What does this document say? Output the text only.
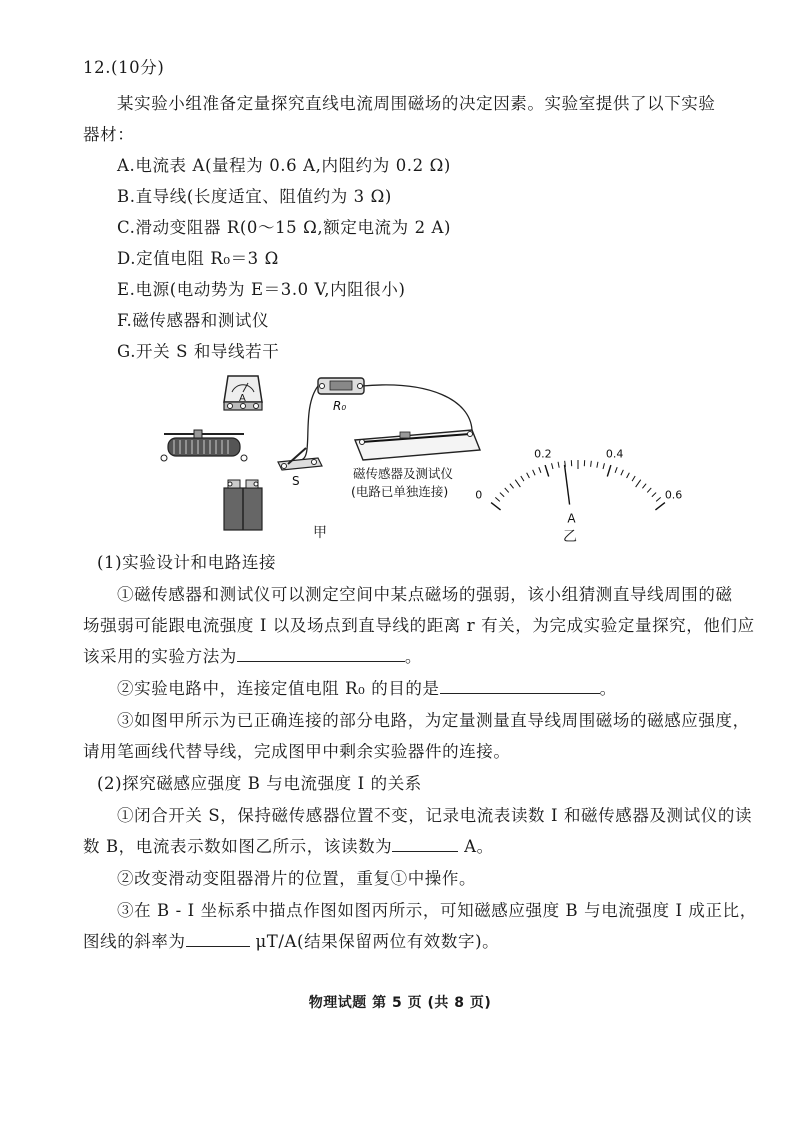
12.(10分)
某实验小组准备定量探究直线电流周围磁场的决定因素。实验室提供了以下实验
器材：
A.电流表 A(量程为 0.6 A,内阻约为 0.2 Ω)
B.直导线(长度适宜、阻值约为 3 Ω)
C.滑动变阻器 R(0～15 Ω,额定电流为 2 A)
D.定值电阻 R₀＝3 Ω
E.电源(电动势为 E＝3.0 V,内阻很小)
F.磁传感器和测试仪
G.开关 S 和导线若干
A
R₀
磁传感器及测试仪
(电路已单独连接)
S
甲
0
0.2	0.4
0.6
A
乙
(1)实验设计和电路连接
①磁传感器和测试仪可以测定空间中某点磁场的强弱，该小组猜测直导线周围的磁
场强弱可能跟电流强度 I 以及场点到直导线的距离 r 有关，为完成实验定量探究，他们应
该采用的实验方法为	。
②实验电路中，连接定值电阻 R₀ 的目的是	。
③如图甲所示为已正确连接的部分电路，为定量测量直导线周围磁场的磁感应强度，
请用笔画线代替导线，完成图甲中剩余实验器件的连接。
(2)探究磁感应强度 B 与电流强度 I 的关系
①闭合开关 S，保持磁传感器位置不变，记录电流表读数 I 和磁传感器及测试仪的读
数 B，电流表示数如图乙所示，该读数为	A。
②改变滑动变阻器滑片的位置，重复①中操作。
③在 B - I 坐标系中描点作图如图丙所示，可知磁感应强度 B 与电流强度 I 成正比，
图线的斜率为	μT/A(结果保留两位有效数字)。
物理试题 第 5 页 (共 8 页)
